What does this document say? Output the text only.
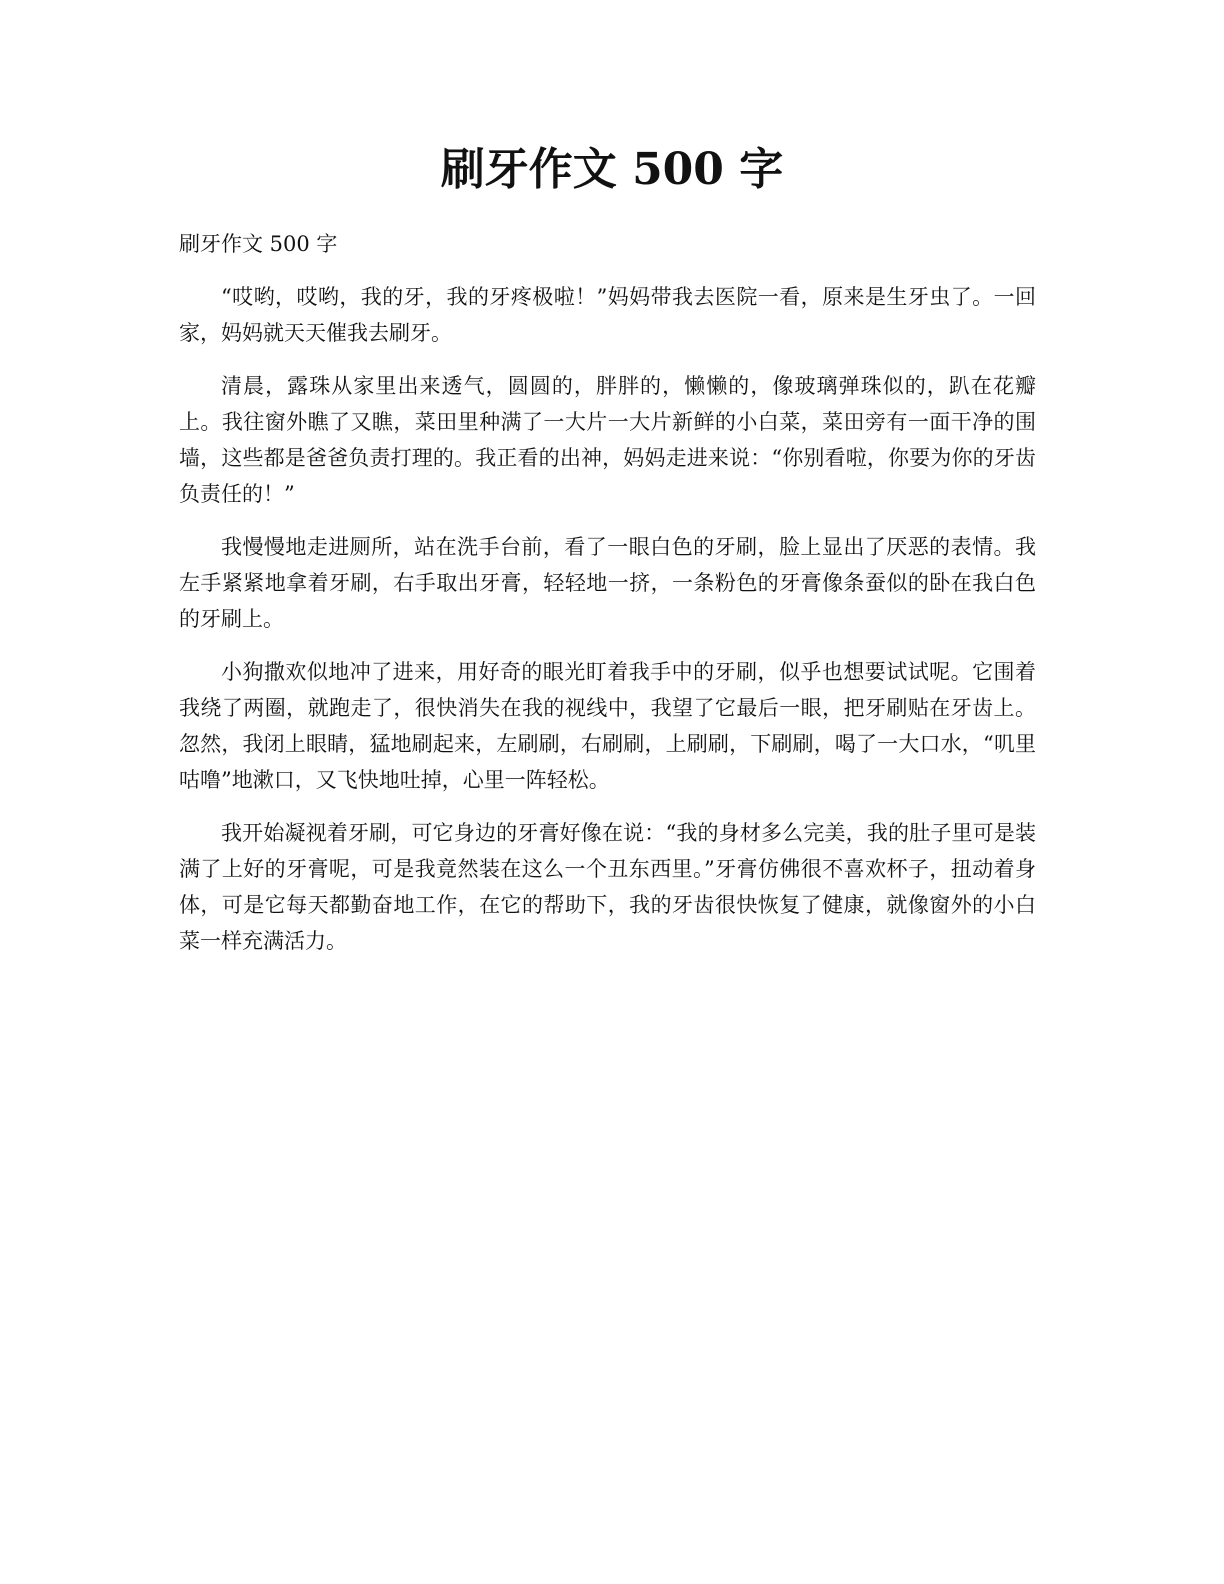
刷牙作文 500 字

刷牙作文 500 字

“哎哟，哎哟，我的牙，我的牙疼极啦！”妈妈带我去医院一看，原来是生牙虫了。一回家，妈妈就天天催我去刷牙。

清晨，露珠从家里出来透气，圆圆的，胖胖的，懒懒的，像玻璃弹珠似的，趴在花瓣上。我往窗外瞧了又瞧，菜田里种满了一大片一大片新鲜的小白菜，菜田旁有一面干净的围墙，这些都是爸爸负责打理的。我正看的出神，妈妈走进来说：“你别看啦，你要为你的牙齿负责任的！”

我慢慢地走进厕所，站在洗手台前，看了一眼白色的牙刷，脸上显出了厌恶的表情。我左手紧紧地拿着牙刷，右手取出牙膏，轻轻地一挤，一条粉色的牙膏像条蚕似的卧在我白色的牙刷上。

小狗撒欢似地冲了进来，用好奇的眼光盯着我手中的牙刷，似乎也想要试试呢。它围着我绕了两圈，就跑走了，很快消失在我的视线中，我望了它最后一眼，把牙刷贴在牙齿上。忽然，我闭上眼睛，猛地刷起来，左刷刷，右刷刷，上刷刷，下刷刷，喝了一大口水，“叽里咕噜”地漱口，又飞快地吐掉，心里一阵轻松。

我开始凝视着牙刷，可它身边的牙膏好像在说：“我的身材多么完美，我的肚子里可是装满了上好的牙膏呢，可是我竟然装在这么一个丑东西里。”牙膏仿佛很不喜欢杯子，扭动着身体，可是它每天都勤奋地工作，在它的帮助下，我的牙齿很快恢复了健康，就像窗外的小白菜一样充满活力。
